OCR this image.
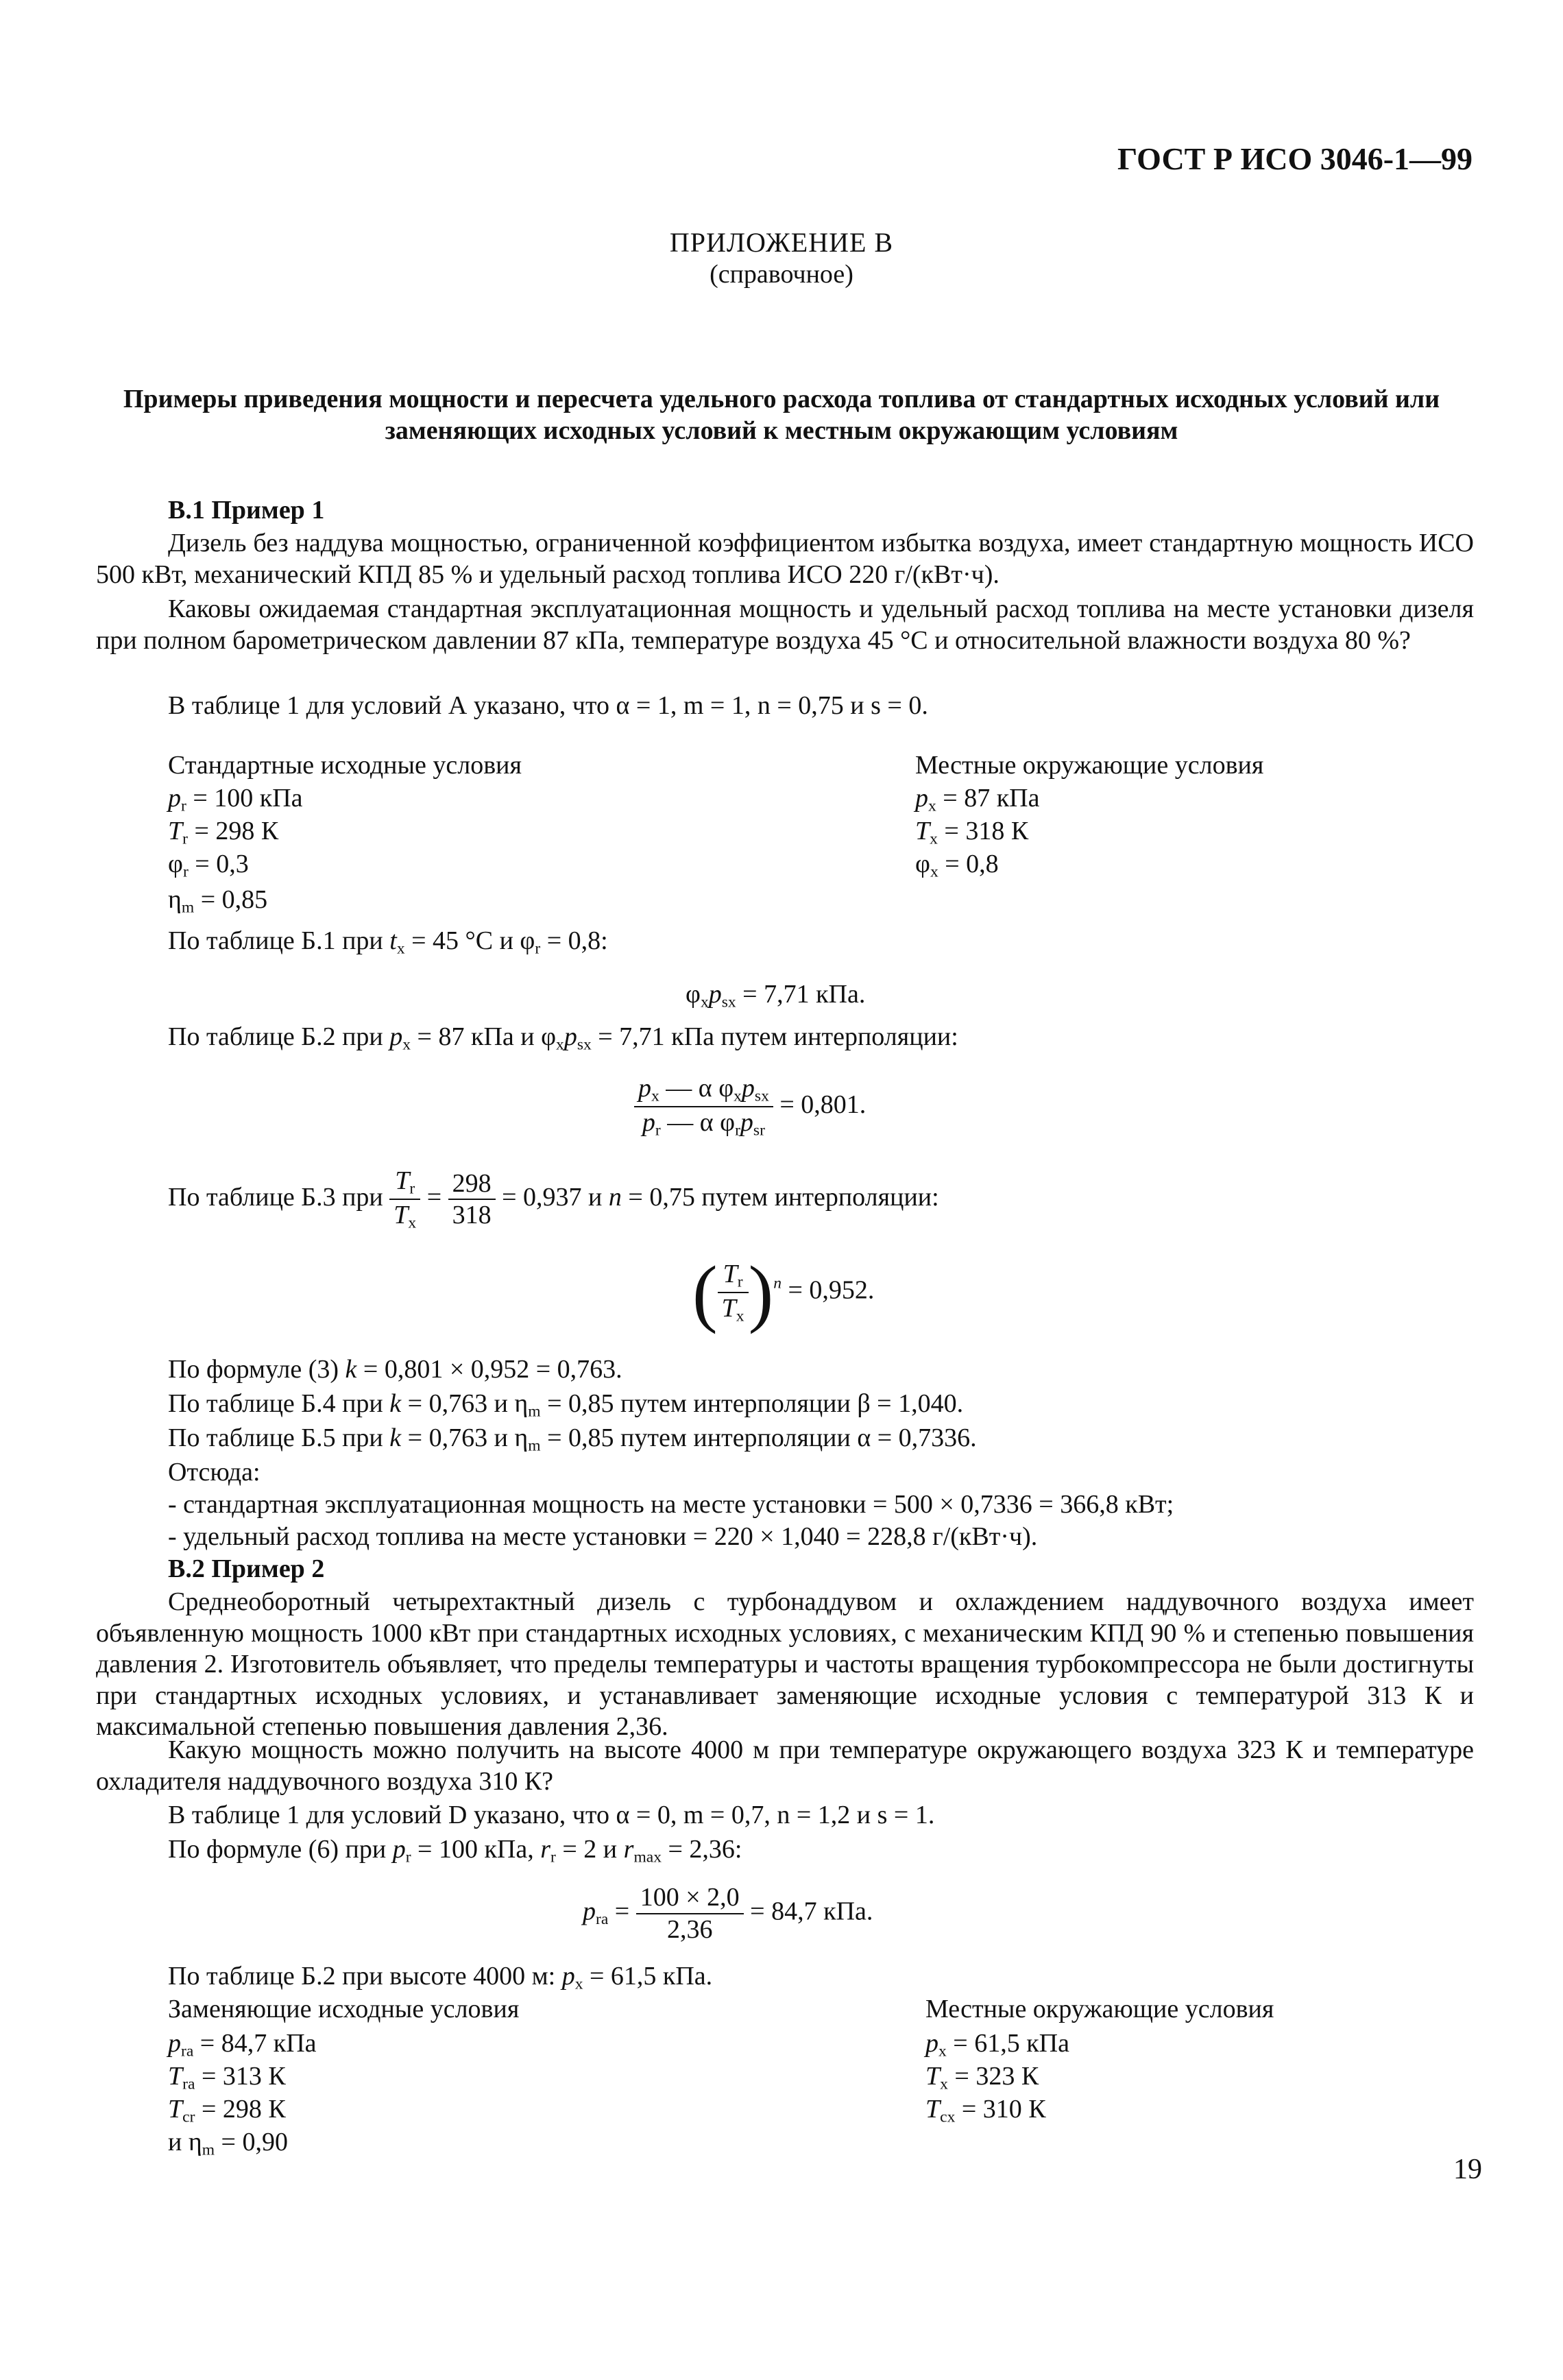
ГОСТ Р ИСО 3046-1—99
ПРИЛОЖЕНИЕ В
(справочное)
Примеры приведения мощности и пересчета удельного расхода топлива от стандартных исходных условий или заменяющих исходных условий к местным окружающим условиям
В.1 Пример 1
Дизель без наддува мощностью, ограниченной коэффициентом избытка воздуха, имеет стандартную мощность ИСО 500 кВт, механический КПД 85 % и удельный расход топлива ИСО 220 г/(кВт·ч).
Каковы ожидаемая стандартная эксплуатационная мощность и удельный расход топлива на месте установки дизеля при полном барометрическом давлении 87 кПа, температуре воздуха 45 °С и относительной влажности воздуха 80 %?
В таблице 1 для условий А указано, что α = 1, m = 1, n = 0,75 и s = 0.
Стандартные исходные условия	Местные окружающие условия
$p_r = 100$ кПа
$T_r = 298$ К
$\varphi_r = 0,3$
$\eta_m = 0,85$
$p_x = 87$ кПа
$T_x = 318$ К
$\varphi_x = 0,8$
По таблице Б.1 при $t_x = 45$ °С и $\varphi_r = 0,8$:
$\varphi_xp_{sx} = 7,71$ кПа.
По таблице Б.2 при $p_x = 87$ кПа и $\varphi_xp_{sx} = 7,71$ кПа путем интерполяции:
$\frac{p_x — \alpha \varphi_xp_{sx}}{p_r — \alpha \varphi_rp_{sr}} = 0,801$.
По таблице Б.3 при $\frac{T_r}{T_x} = \frac{298}{318} = 0,937$ и n = 0,75 путем интерполяции:
( $\frac{T_r}{T_x} )^n = 0,952$.
По формуле (3) k = 0,801 × 0,952 = 0,763.
По таблице Б.4 при k = 0,763 и $\eta_m = 0,85$ путем интерполяции β = 1,040.
По таблице Б.5 при k = 0,763 и $\eta_m = 0,85$ путем интерполяции α = 0,7336.
Отсюда:
- стандартная эксплуатационная мощность на месте установки = 500 × 0,7336 = 366,8 кВт;
- удельный расход топлива на месте установки = 220 × 1,040 = 228,8 г/(кВт·ч).
В.2 Пример 2
Среднеоборотный четырехтактный дизель с турбонаддувом и охлаждением наддувочного воздуха имеет объявленную мощность 1000 кВт при стандартных исходных условиях, с механическим КПД 90 % и степенью повышения давления 2. Изготовитель объявляет, что пределы температуры и частоты вращения турбокомпрессора не были достигнуты при стандартных исходных условиях, и устанавливает заменяющие исходные условия с температурой 313 К и максимальной степенью повышения давления 2,36.
Какую мощность можно получить на высоте 4000 м при температуре окружающего воздуха 323 К и температуре охладителя наддувочного воздуха 310 К?
В таблице 1 для условий D указано, что α = 0, m = 0,7, n = 1,2 и s = 1.
По формуле (6) при $p_r = 100$ кПа, $r_r = 2$ и $r_{max} = 2,36$:
$p_{ra} = \frac{100 \times 2,0}{2,36} = 84,7$ кПа.
По таблице Б.2 при высоте 4000 м: $p_x = 61,5$ кПа.
Заменяющие исходные условия	Местные окружающие условия
$p_{ra} = 84,7$ кПа
$T_{ra} = 313$ К
$T_{cr} = 298$ К
и $\eta_m = 0,90$
$p_x = 61,5$ кПа
$T_x = 323$ К
$T_{cx} = 310$ К
19
